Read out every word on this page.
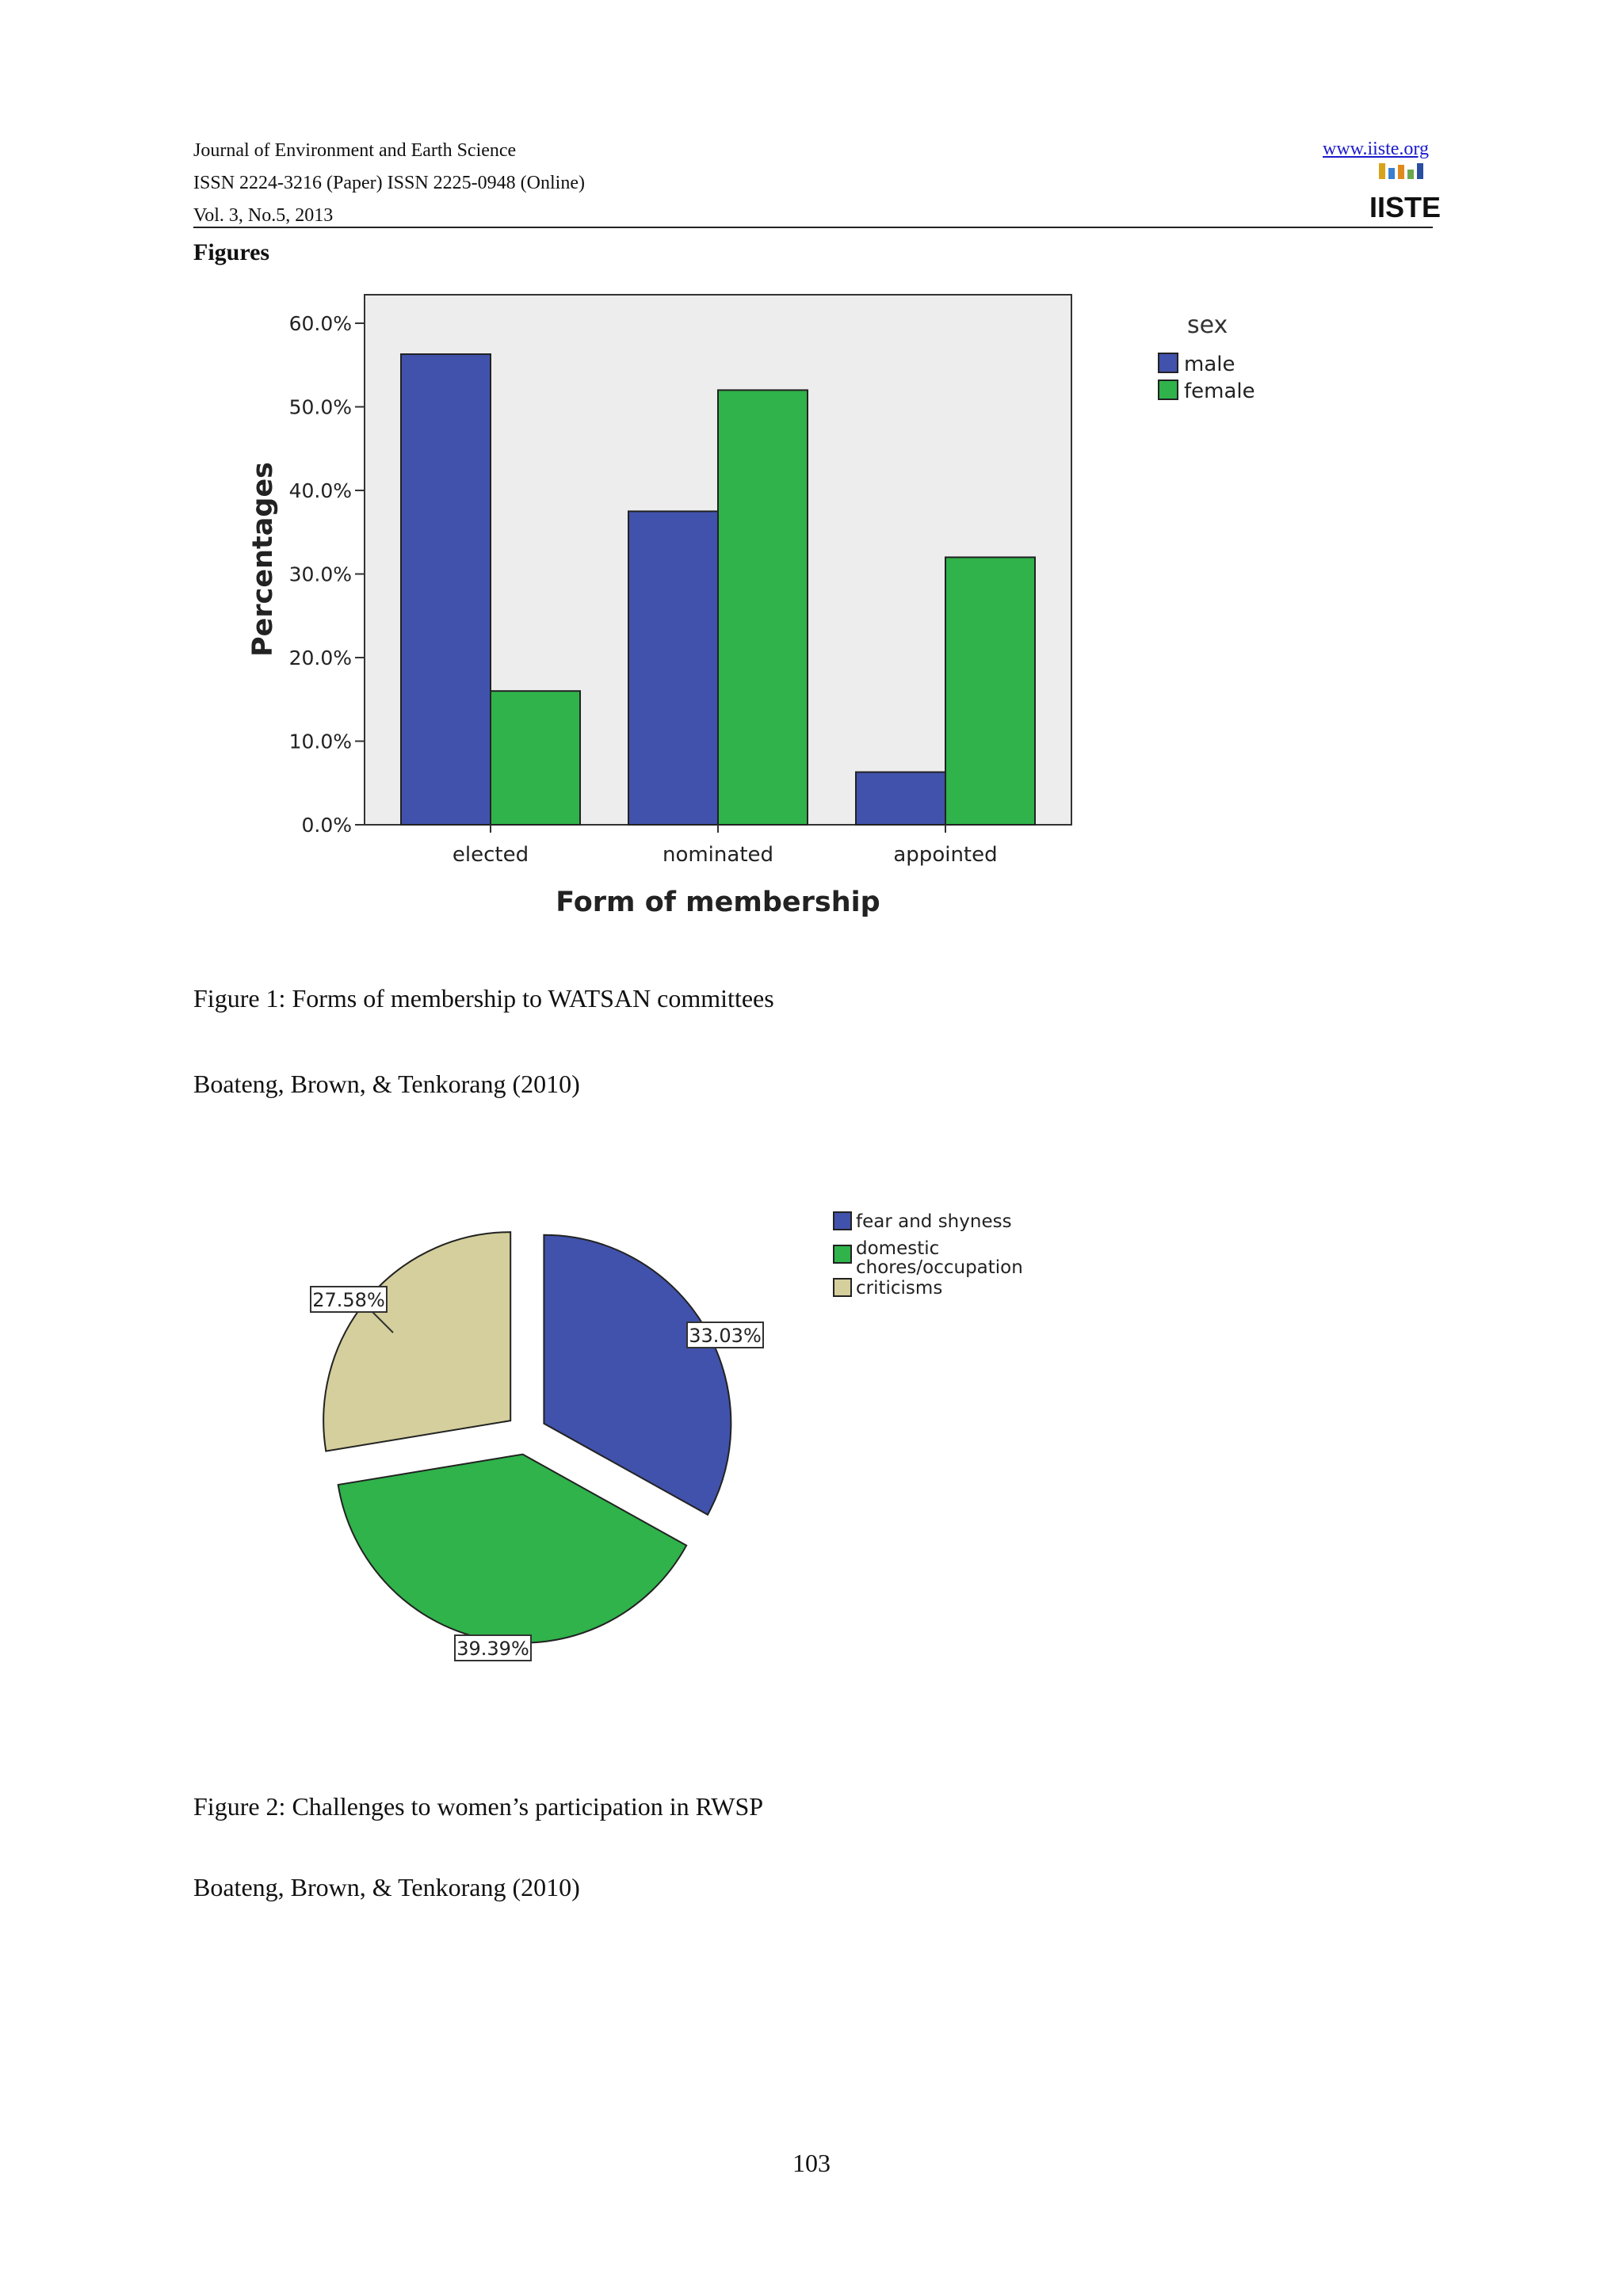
Journal of Environment and Earth Science
ISSN 2224-3216 (Paper) ISSN 2225-0948 (Online)
Vol. 3, No.5, 2013
www.iiste.org
IISTE
Figures
0.0%
10.0%
20.0%
30.0%
40.0%
50.0%
60.0%
elected	nominated	appointed
Form of membership
Percentages
sex
male
female
Figure 1: Forms of membership to WATSAN committees
Boateng, Brown, & Tenkorang (2010)
33.03%
39.39%
27.58%
fear and shyness
domestic
chores/occupation
criticisms
Figure 2: Challenges to women’s participation in RWSP
Boateng, Brown, & Tenkorang (2010)
103
